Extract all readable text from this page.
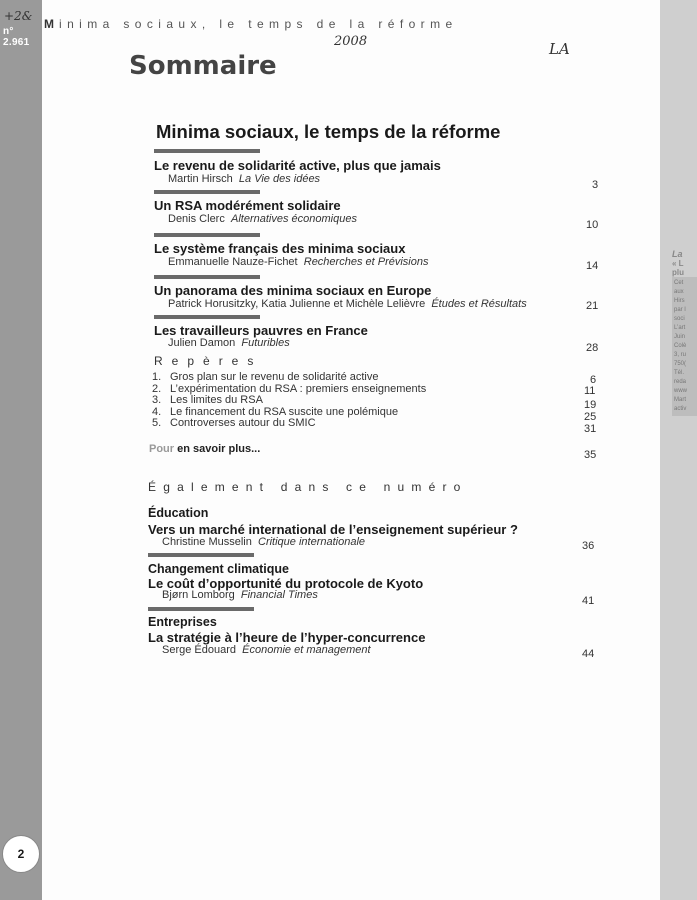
n° 2.961
2
+2&
Minima sociaux, le temps de la réforme
2008	LA
Sommaire
Minima sociaux, le temps de la réforme
Le revenu de solidarité active, plus que jamais
Martin Hirsch La Vie des idées	3
Un RSA modérément solidaire
Denis Clerc Alternatives économiques	10
Le système français des minima sociaux
Emmanuelle Nauze-Fichet Recherches et Prévisions	14
Un panorama des minima sociaux en Europe
Patrick Horusitzky, Katia Julienne et Michèle Lelièvre Études et Résultats	21
Les travailleurs pauvres en France
Julien Damon Futuribles	28
Repères
1. Gros plan sur le revenu de solidarité active	6
2. L’expérimentation du RSA : premiers enseignements	11
3. Les limites du RSA	19
4. Le financement du RSA suscite une polémique	25
5. Controverses autour du SMIC	31
Pour en savoir plus...	35
Également dans ce numéro
Éducation
Vers un marché international de l’enseignement supérieur ?
Christine Musselin Critique internationale	36
Changement climatique
Le coût d’opportunité du protocole de Kyoto
Bjørn Lomborg Financial Times	41
Entreprises
La stratégie à l’heure de l’hyper-concurrence
Serge Édouard Économie et management	44
La
« L
plu
Cet
aux
Hirs
par l
soci
L’art
Juin
Colè
3, ru
750(
Tél.
reda
www
Mart
activ
